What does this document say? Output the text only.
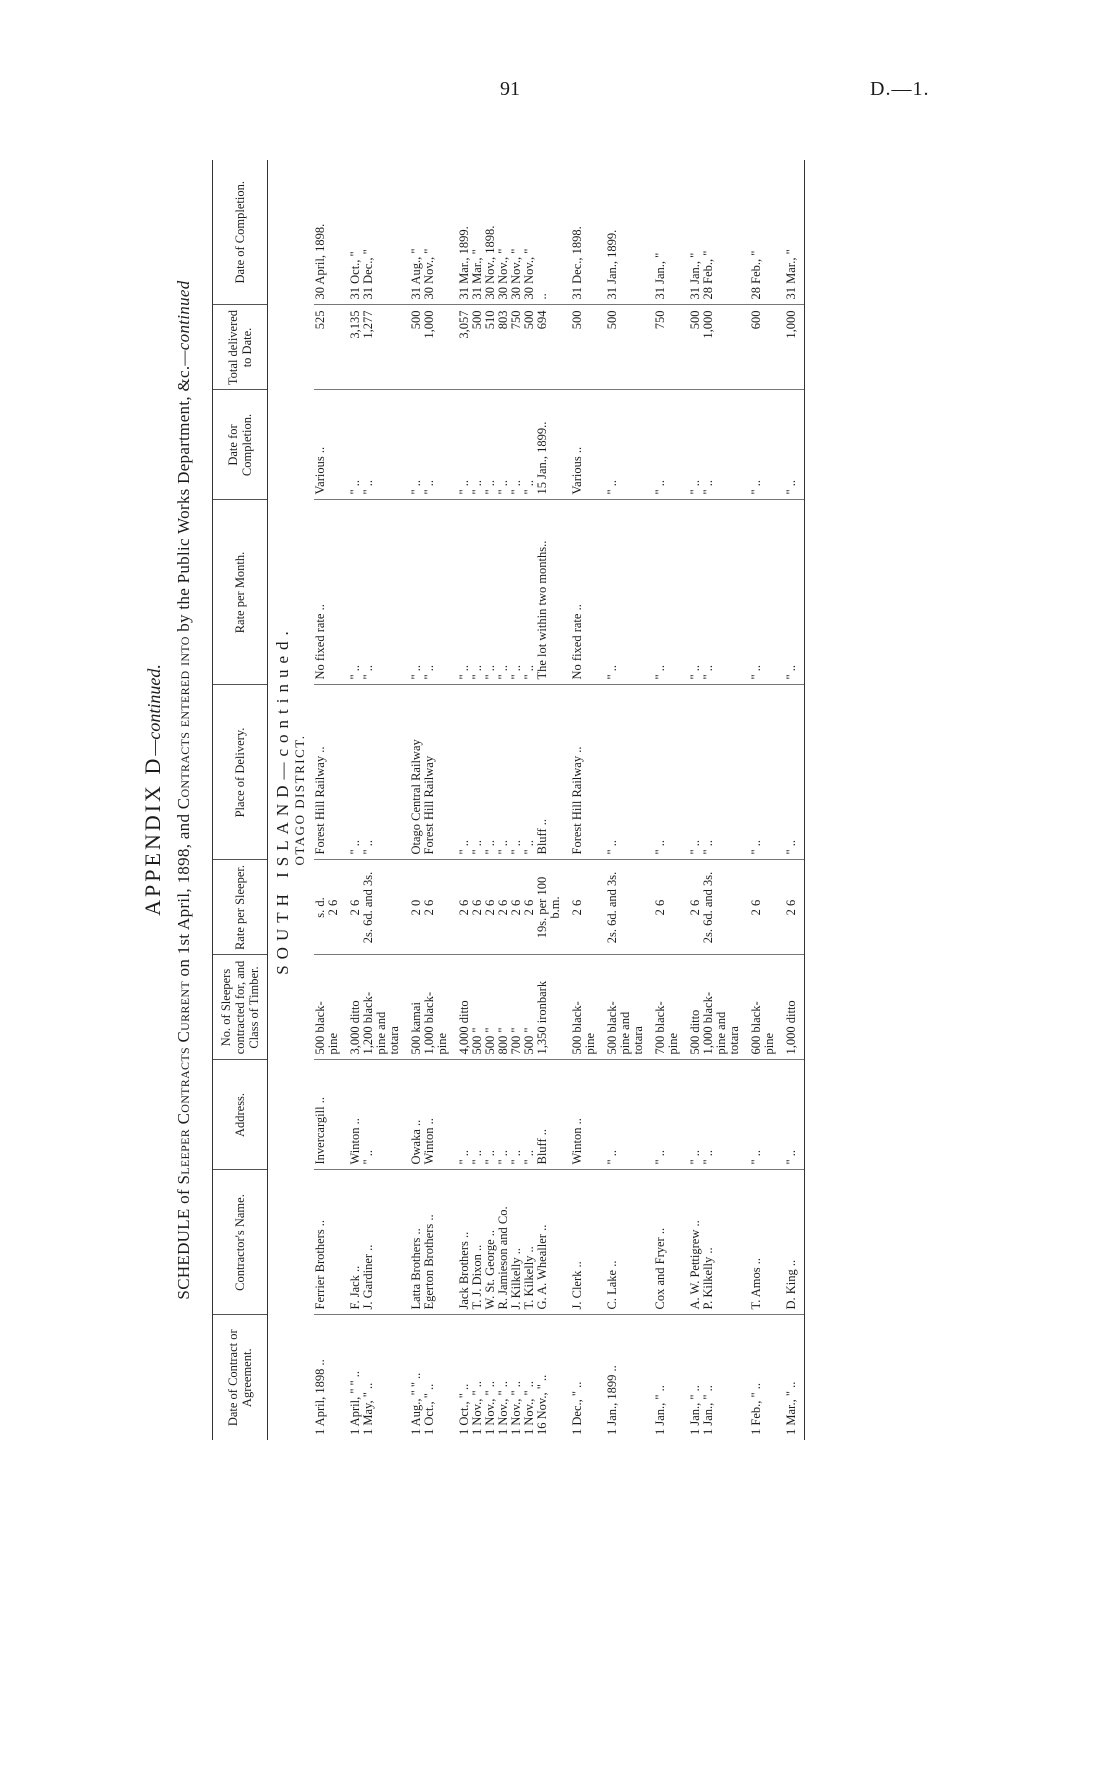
91	D.—1.
APPENDIX D—continued.
SCHEDULE of Sleeper Contracts Current on 1st April, 1898, and Contracts entered into by the Public Works Department, &c.—continued
Date of Contract or Agreement.	Contractor's Name.	Address.	No. of Sleepers contracted for, and Class of Timber.	Rate per Sleeper.	Place of Delivery.	Rate per Month.	Date for Completion.	Total delivered to Date.	Date of Completion.
SOUTH ISLAND—continued.									
OTAGO DISTRICT.									
1 April, 1898 ..	Ferrier Brothers ..	Invercargill ..	500 black-	s. d.	Forest Hill Railway ..	No fixed rate ..	Various ..	525	30 April, 1898.
			pine	2 6					

1 April, " " ..	F. Jack ..	Winton ..	3,000 ditto	2 6	" ..	" ..	" ..	3,135	31 Oct., "
1 May, " ..	J. Gardiner ..	" ..	1,200 black-	2s. 6d. and 3s.	" ..	" ..	" ..	1,277	31 Dec., "
			pine and						
			totara						

1 Aug., " " ..	Latta Brothers ..	Owaka ..	500 kamai	2 0	Otago Central Railway	" ..	" ..	500	31 Aug., "
1 Oct., " ..	Egerton Brothers ..	Winton ..	1,000 black-	2 6	Forest Hill Railway	" ..	" ..	1,000	30 Nov., "
			pine						

1 Oct., " ..	Jack Brothers ..	" ..	4,000 ditto	2 6	" ..	" ..	" ..	3,057	31 Mar., 1899.
1 Nov., " ..	T. J. Dixon ..	" ..	500 "	2 6	" ..	" ..	" ..	500	31 Mar., "
1 Nov., " ..	W. St. George ..	" ..	500 "	2 6	" ..	" ..	" ..	510	30 Nov., 1898.
1 Nov., " ..	R. Jamieson and Co.	" ..	800 "	2 6	" ..	" ..	" ..	803	30 Nov., "
1 Nov., " ..	J. Kilkelly ..	" ..	700 "	2 6	" ..	" ..	" ..	750	30 Nov., "
1 Nov., " ..	T. Kilkelly ..	" ..	500 "	2 6	" ..	" ..	" ..	500	30 Nov., "
16 Nov., " ..	G. A. Whealler ..	Bluff ..	1,350 ironbark	19s. per 100	Bluff ..	The lot within two months..	15 Jan., 1899..	694	..
				b.m.					

1 Dec., " ..	J. Clerk ..	Winton ..	500 black-	2 6	Forest Hill Railway ..	No fixed rate ..	Various ..	500	31 Dec., 1898.
			pine						

1 Jan., 1899 ..	C. Lake ..	" ..	500 black-	2s. 6d. and 3s.	" ..	" ..	" ..	500	31 Jan., 1899.
			pine and						
			totara						

1 Jan., " ..	Cox and Fryer ..	" ..	700 black-	2 6	" ..	" ..	" ..	750	31 Jan., "
			pine						

1 Jan., " ..	A. W. Pettigrew ..	" ..	500 ditto	2 6	" ..	" ..	" ..	500	31 Jan., "
1 Jan., " ..	P. Kilkelly ..	" ..	1,000 black-	2s. 6d. and 3s.	" ..	" ..	" ..	1,000	28 Feb., "
			pine and						
			totara						

1 Feb., " ..	T. Amos ..	" ..	600 black-	2 6	" ..	" ..	" ..	600	28 Feb., "
			pine						

1 Mar., " ..	D. King ..	" ..	1,000 ditto	2 6	" ..	" ..	" ..	1,000	31 Mar., "
